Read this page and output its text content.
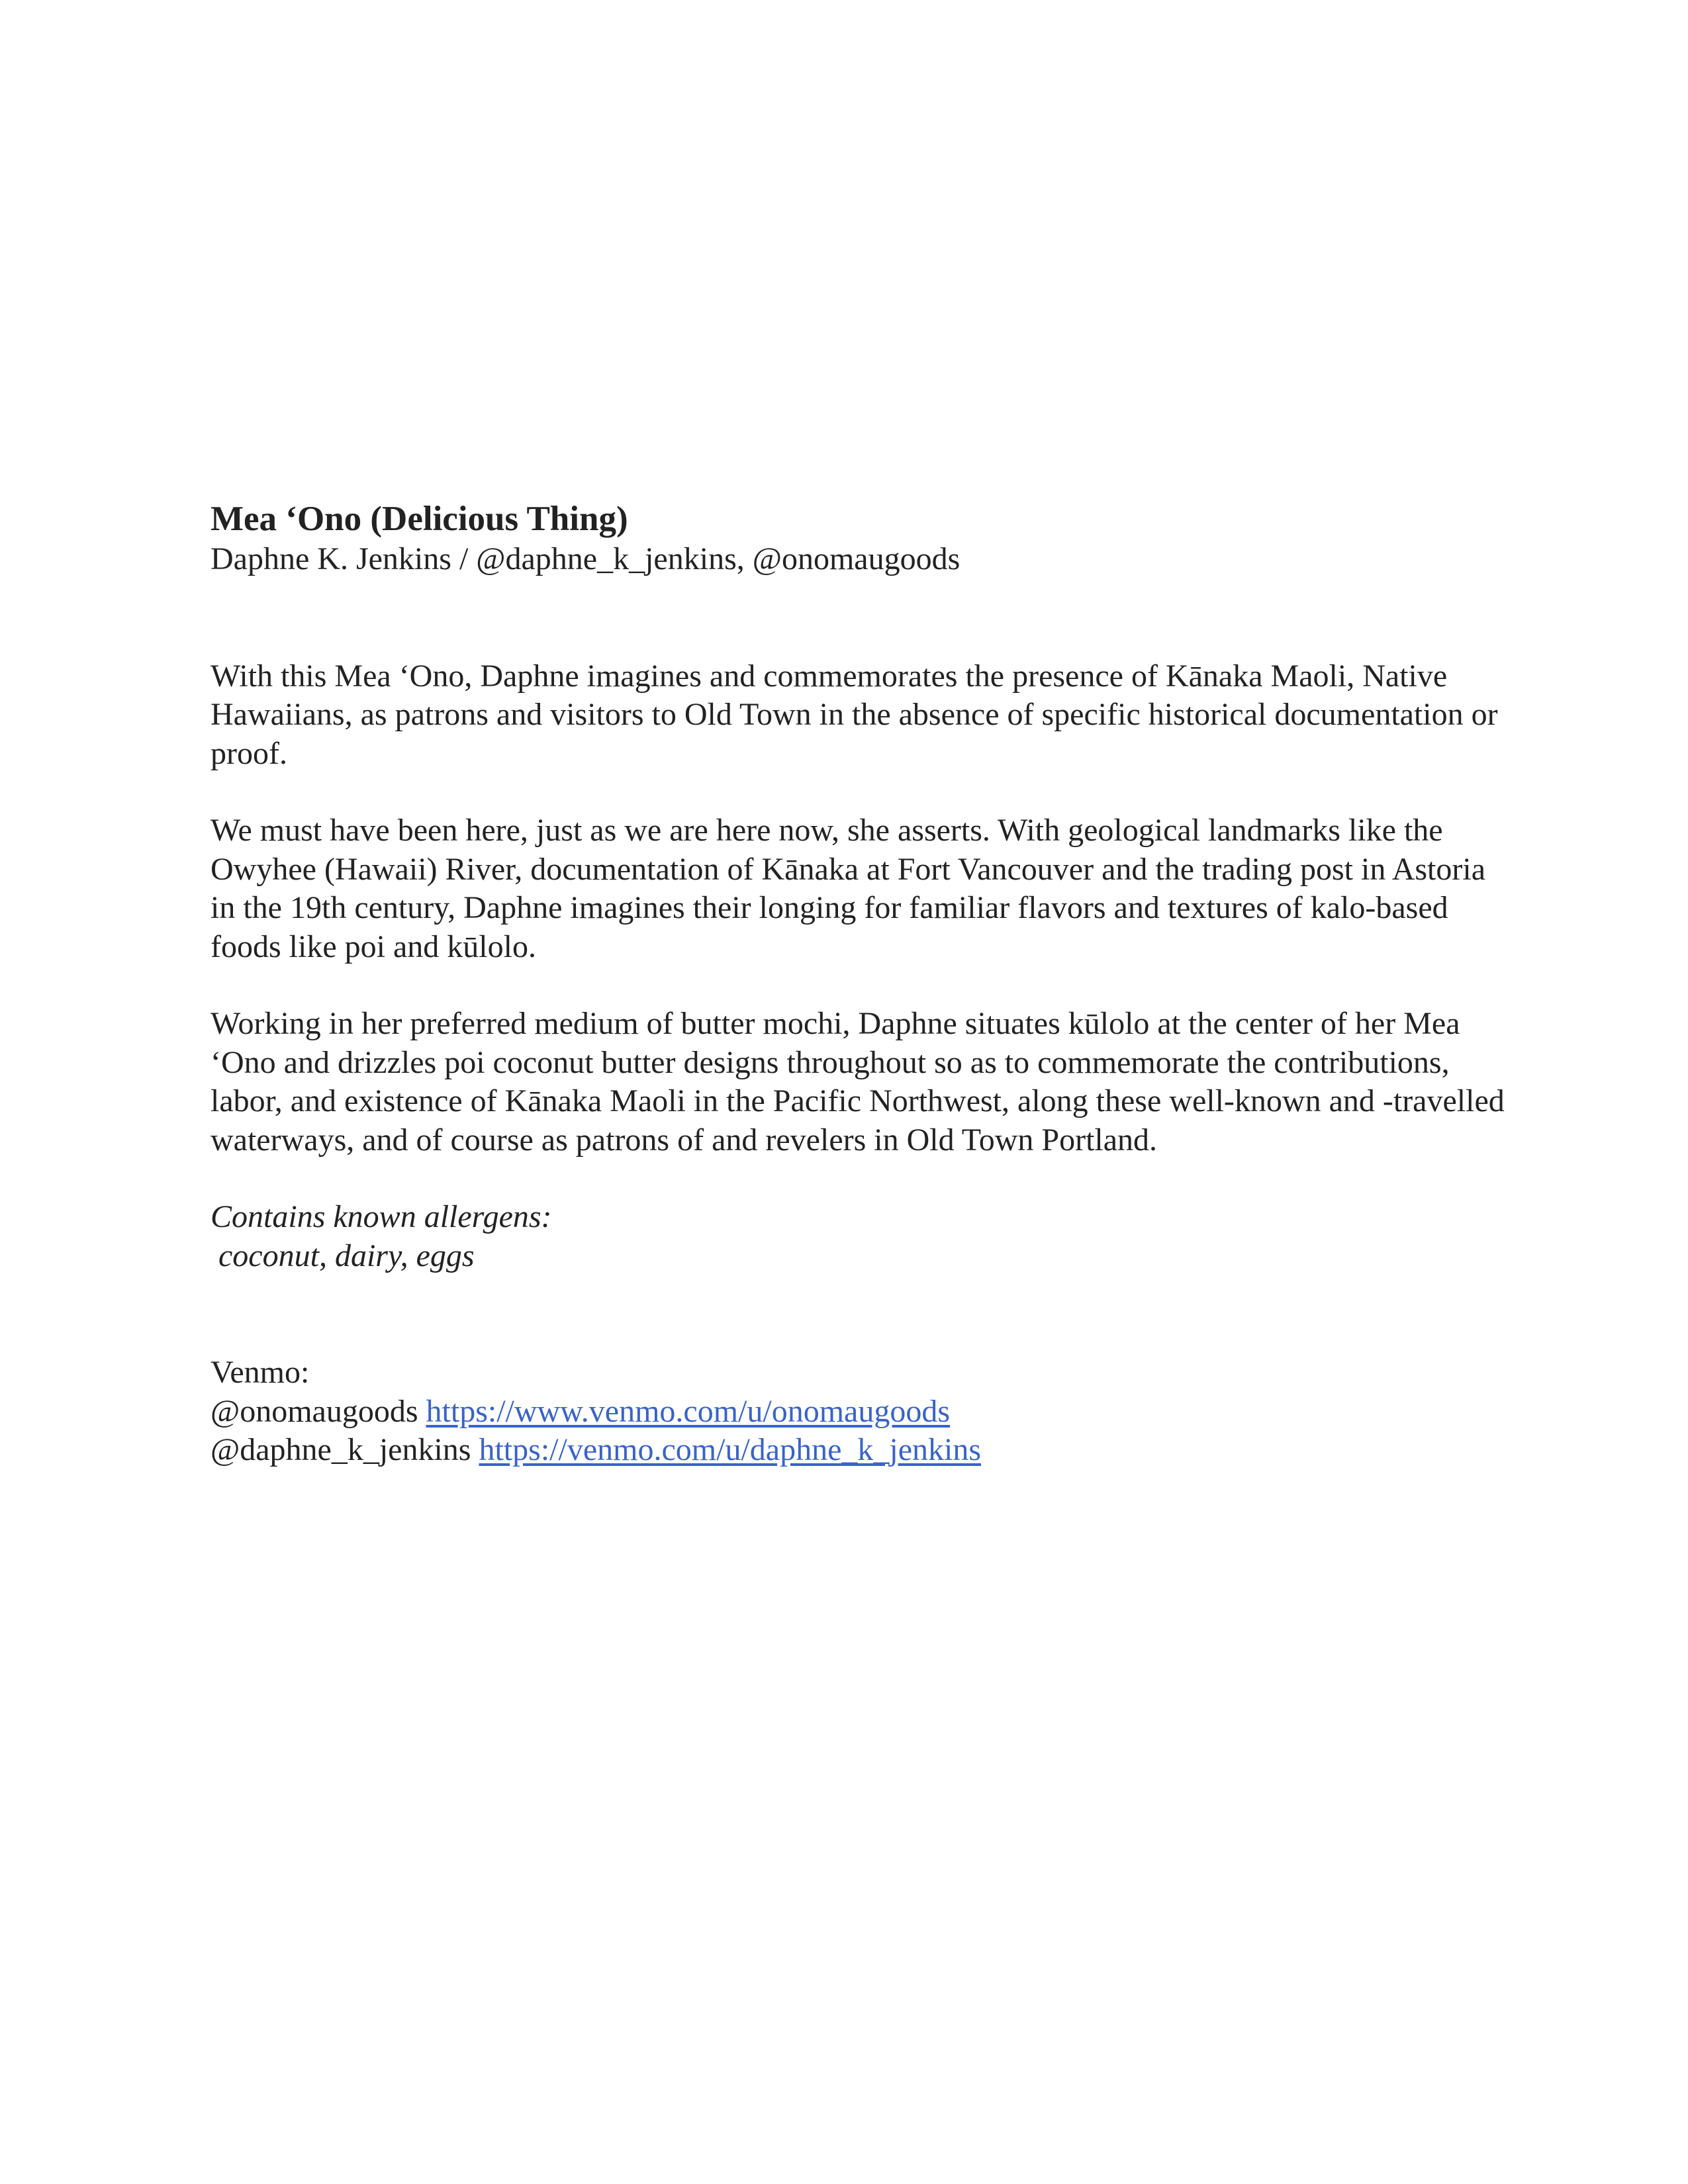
Mea ‘Ono (Delicious Thing)

Daphne K. Jenkins / @daphne_k_jenkins, @onomaugoods

With this Mea ‘Ono, Daphne imagines and commemorates the presence of Kānaka Maoli, Native Hawaiians, as patrons and visitors to Old Town in the absence of specific historical documentation or proof.

We must have been here, just as we are here now, she asserts. With geological landmarks like the Owyhee (Hawaii) River, documentation of Kānaka at Fort Vancouver and the trading post in Astoria in the 19th century, Daphne imagines their longing for familiar flavors and textures of kalo-based foods like poi and kūlolo.

Working in her preferred medium of butter mochi, Daphne situates kūlolo at the center of her Mea ‘Ono and drizzles poi coconut butter designs throughout so as to commemorate the contributions, labor, and existence of Kānaka Maoli in the Pacific Northwest, along these well-known and -travelled waterways, and of course as patrons of and revelers in Old Town Portland.

Contains known allergens:
coconut, dairy, eggs
Venmo:
@onomaugoods https://www.venmo.com/u/onomaugoods
@daphne_k_jenkins https://venmo.com/u/daphne_k_jenkins
